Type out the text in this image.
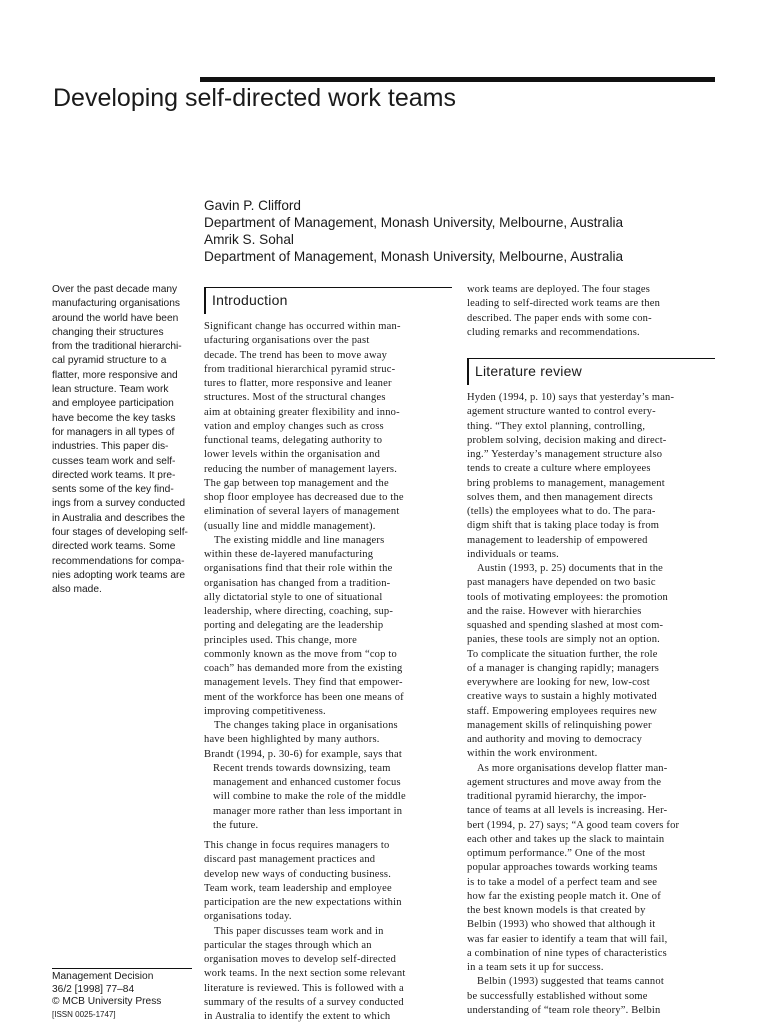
Developing self-directed work teams
Gavin P. Clifford
Department of Management, Monash University, Melbourne, Australia
Amrik S. Sohal
Department of Management, Monash University, Melbourne, Australia
Over the past decade many
manufacturing organisations
around the world have been
changing their structures
from the traditional hierarchi-
cal pyramid structure to a
flatter, more responsive and
lean structure. Team work
and employee participation
have become the key tasks
for managers in all types of
industries. This paper dis-
cusses team work and self-
directed work teams. It pre-
sents some of the key find-
ings from a survey conducted
in Australia and describes the
four stages of developing self-
directed work teams. Some
recommendations for compa-
nies adopting work teams are
also made.
Introduction
Significant change has occurred within man-
ufacturing organisations over the past
decade. The trend has been to move away
from traditional hierarchical pyramid struc-
tures to flatter, more responsive and leaner
structures. Most of the structural changes
aim at obtaining greater flexibility and inno-
vation and employ changes such as cross
functional teams, delegating authority to
lower levels within the organisation and
reducing the number of management layers.
The gap between top management and the
shop floor employee has decreased due to the
elimination of several layers of management
(usually line and middle management).
The existing middle and line managers
within these de-layered manufacturing
organisations find that their role within the
organisation has changed from a tradition-
ally dictatorial style to one of situational
leadership, where directing, coaching, sup-
porting and delegating are the leadership
principles used. This change, more
commonly known as the move from “cop to
coach” has demanded more from the existing
management levels. They find that empower-
ment of the workforce has been one means of
improving competitiveness.
The changes taking place in organisations
have been highlighted by many authors.
Brandt (1994, p. 30-6) for example, says that
Recent trends towards downsizing, team
management and enhanced customer focus
will combine to make the role of the middle
manager more rather than less important in
the future.
This change in focus requires managers to
discard past management practices and
develop new ways of conducting business.
Team work, team leadership and employee
participation are the new expectations within
organisations today.
This paper discusses team work and in
particular the stages through which an
organisation moves to develop self-directed
work teams. In the next section some relevant
literature is reviewed. This is followed with a
summary of the results of a survey conducted
in Australia to identify the extent to which
work teams are deployed. The four stages
leading to self-directed work teams are then
described. The paper ends with some con-
cluding remarks and recommendations.
Literature review
Hyden (1994, p. 10) says that yesterday’s man-
agement structure wanted to control every-
thing. “They extol planning, controlling,
problem solving, decision making and direct-
ing.” Yesterday’s management structure also
tends to create a culture where employees
bring problems to management, management
solves them, and then management directs
(tells) the employees what to do. The para-
digm shift that is taking place today is from
management to leadership of empowered
individuals or teams.
Austin (1993, p. 25) documents that in the
past managers have depended on two basic
tools of motivating employees: the promotion
and the raise. However with hierarchies
squashed and spending slashed at most com-
panies, these tools are simply not an option.
To complicate the situation further, the role
of a manager is changing rapidly; managers
everywhere are looking for new, low-cost
creative ways to sustain a highly motivated
staff. Empowering employees requires new
management skills of relinquishing power
and authority and moving to democracy
within the work environment.
As more organisations develop flatter man-
agement structures and move away from the
traditional pyramid hierarchy, the impor-
tance of teams at all levels is increasing. Her-
bert (1994, p. 27) says; “A good team covers for
each other and takes up the slack to maintain
optimum performance.” One of the most
popular approaches towards working teams
is to take a model of a perfect team and see
how far the existing people match it. One of
the best known models is that created by
Belbin (1993) who showed that although it
was far easier to identify a team that will fail,
a combination of nine types of characteristics
in a team sets it up for success.
Belbin (1993) suggested that teams cannot
be successfully established without some
understanding of “team role theory”. Belbin
Management Decision
36/2 [1998] 77–84
© MCB University Press
[ISSN 0025-1747]
